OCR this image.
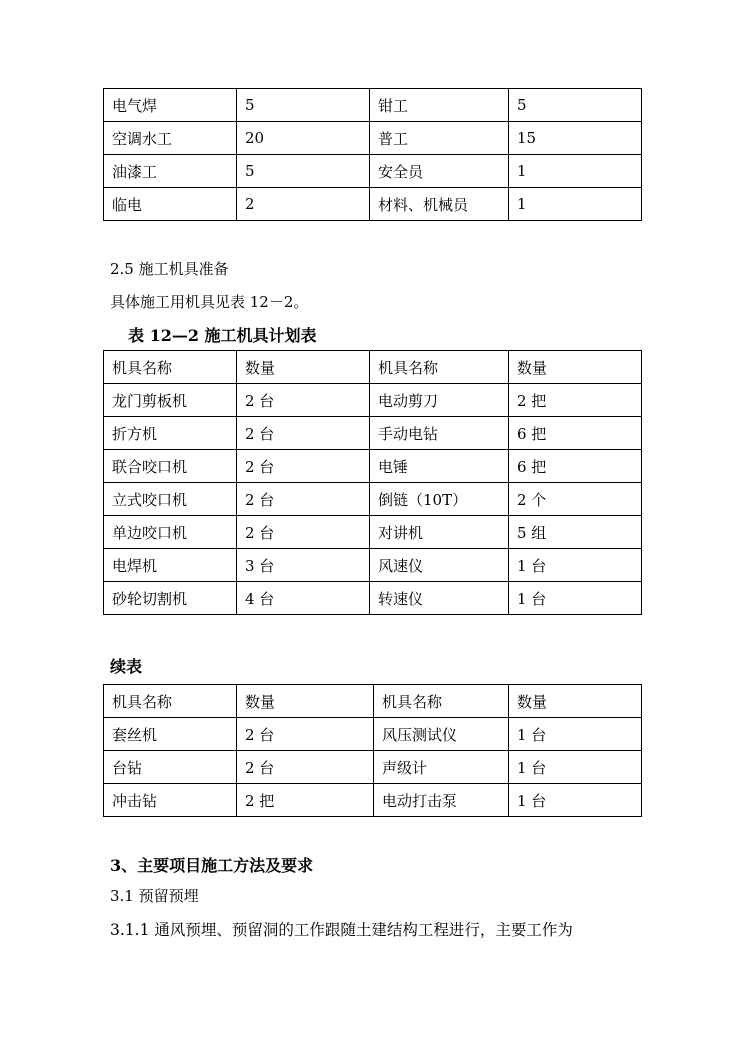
电气焊	5	钳工	5
空调水工	20	普工	15
油漆工	5	安全员	1
临电	2	材料、机械员	1
2.5 施工机具准备
具体施工用机具见表 12－2。
表 12—2 施工机具计划表
机具名称	数量	机具名称	数量
龙门剪板机	2 台	电动剪刀	2 把
折方机	2 台	手动电钻	6 把
联合咬口机	2 台	电锤	6 把
立式咬口机	2 台	倒链（10T）	2 个
单边咬口机	2 台	对讲机	5 组
电焊机	3 台	风速仪	1 台
砂轮切割机	4 台	转速仪	1 台
续表
机具名称	数量	机具名称	数量
套丝机	2 台	风压测试仪	1 台
台钻	2 台	声级计	1 台
冲击钻	2 把	电动打击泵	1 台
3、主要项目施工方法及要求
3.1 预留预埋
3.1.1 通风预埋、预留洞的工作跟随土建结构工程进行，主要工作为
